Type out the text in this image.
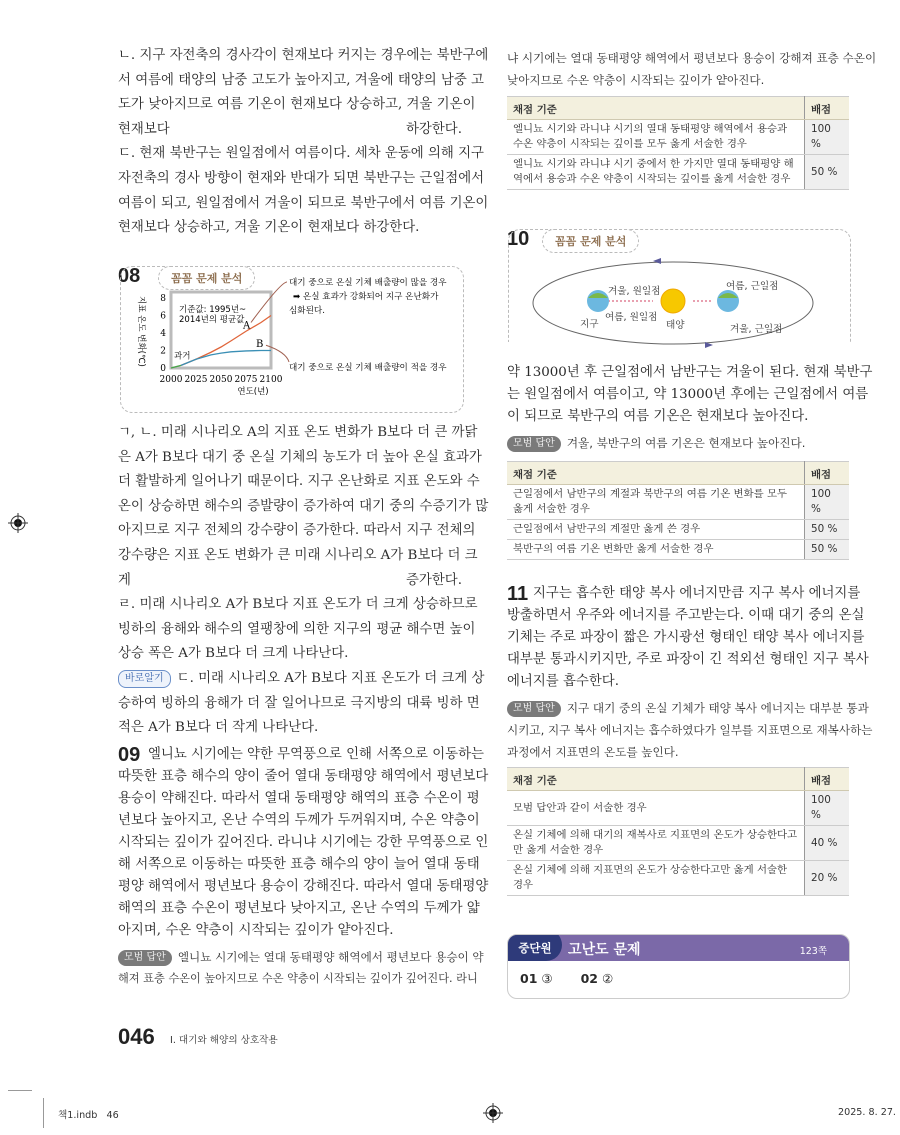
ㄴ. 지구 자전축의 경사각이 현재보다 커지는 경우에는 북반구에
서 여름에 태양의 남중 고도가 높아지고, 겨울에 태양의 남중 고
도가 낮아지므로 여름 기온이 현재보다 상승하고, 겨울 기온이
현재보다 하강한다.
ㄷ. 현재 북반구는 원일점에서 여름이다. 세차 운동에 의해 지구
자전축의 경사 방향이 현재와 반대가 되면 북반구는 근일점에서
여름이 되고, 원일점에서 겨울이 되므로 북반구에서 여름 기온이
현재보다 상승하고, 겨울 기온이 현재보다 하강한다.
08	꼼꼼 문제 분석
0
2
4
6
8
2000 2025 2050 2075 2100
연도(년)
지표 온도 변화(℃)	기준값: 1995년~
2014년의 평균값
과거
A
B
대기 중으로 온실 기체 배출량이 많을 경우
➡ 온실 효과가 강화되어 지구 온난화가
심화된다.
대기 중으로 온실 기체 배출량이 적을 경우
ㄱ, ㄴ. 미래 시나리오 A의 지표 온도 변화가 B보다 더 큰 까닭
은 A가 B보다 대기 중 온실 기체의 농도가 더 높아 온실 효과가
더 활발하게 일어나기 때문이다. 지구 온난화로 지표 온도와 수
온이 상승하면 해수의 증발량이 증가하여 대기 중의 수증기가 많
아지므로 지구 전체의 강수량이 증가한다. 따라서 지구 전체의
강수량은 지표 온도 변화가 큰 미래 시나리오 A가 B보다 더 크
게 증가한다.
ㄹ. 미래 시나리오 A가 B보다 지표 온도가 더 크게 상승하므로
빙하의 융해와 해수의 열팽창에 의한 지구의 평균 해수면 높이
상승 폭은 A가 B보다 더 크게 나타난다.
바로알기 ㄷ. 미래 시나리오 A가 B보다 지표 온도가 더 크게 상
승하여 빙하의 융해가 더 잘 일어나므로 극지방의 대륙 빙하 면
적은 A가 B보다 더 작게 나타난다.
09 엘니뇨 시기에는 약한 무역풍으로 인해 서쪽으로 이동하는
따뜻한 표층 해수의 양이 줄어 열대 동태평양 해역에서 평년보다
용승이 약해진다. 따라서 열대 동태평양 해역의 표층 수온이 평
년보다 높아지고, 온난 수역의 두께가 두꺼워지며, 수온 약층이
시작되는 깊이가 깊어진다. 라니냐 시기에는 강한 무역풍으로 인
해 서쪽으로 이동하는 따뜻한 표층 해수의 양이 늘어 열대 동태
평양 해역에서 평년보다 용승이 강해진다. 따라서 열대 동태평양
해역의 표층 수온이 평년보다 낮아지고, 온난 수역의 두께가 얇
아지며, 수온 약층이 시작되는 깊이가 얕아진다.
모범 답안 엘니뇨 시기에는 열대 동태평양 해역에서 평년보다 용승이 약
해져 표층 수온이 높아지므로 수온 약층이 시작되는 깊이가 깊어진다. 라니
046 Ⅰ. 대기와 해양의 상호작용
책1.indb   46	2025. 8. 27.
냐 시기에는 열대 동태평양 해역에서 평년보다 용승이 강해져 표층 수온이
낮아지므로 수온 약층이 시작되는 깊이가 얕아진다.
채점 기준	배점
엘니뇨 시기와 라니냐 시기의 열대 동태평양 해역에서 용승과 수온 약층이 시작되는 깊이를 모두 옳게 서술한 경우	100 %
엘니뇨 시기와 라니냐 시기 중에서 한 가지만 열대 동태평양 해역에서 용승과 수온 약층이 시작되는 깊이를 옳게 서술한 경우	50 %
10	꼼꼼 문제 분석
겨울, 원일점
여름, 원일점
지구	태양
여름, 근일점
겨울, 근일점
약 13000년 후 근일점에서 남반구는 겨울이 된다. 현재 북반구
는 원일점에서 여름이고, 약 13000년 후에는 근일점에서 여름
이 되므로 북반구의 여름 기온은 현재보다 높아진다.
모범 답안 겨울, 북반구의 여름 기온은 현재보다 높아진다.
채점 기준	배점
근일점에서 남반구의 계절과 북반구의 여름 기온 변화를 모두 옳게 서술한 경우	100 %
근일점에서 남반구의 계절만 옳게 쓴 경우	50 %
북반구의 여름 기온 변화만 옳게 서술한 경우	50 %
11 지구는 흡수한 태양 복사 에너지만큼 지구 복사 에너지를
방출하면서 우주와 에너지를 주고받는다. 이때 대기 중의 온실
기체는 주로 파장이 짧은 가시광선 형태인 태양 복사 에너지를
대부분 통과시키지만, 주로 파장이 긴 적외선 형태인 지구 복사
에너지를 흡수한다.
모범 답안 지구 대기 중의 온실 기체가 태양 복사 에너지는 대부분 통과
시키고, 지구 복사 에너지는 흡수하였다가 일부를 지표면으로 재복사하는
과정에서 지표면의 온도를 높인다.
채점 기준	배점
모범 답안과 같이 서술한 경우	100 %
온실 기체에 의해 대기의 재복사로 지표면의 온도가 상승한다고만 옳게 서술한 경우	40 %
온실 기체에 의해 지표면의 온도가 상승한다고만 옳게 서술한 경우	20 %
중단원	고난도 문제	123쪽
01 ③ 02 ②
